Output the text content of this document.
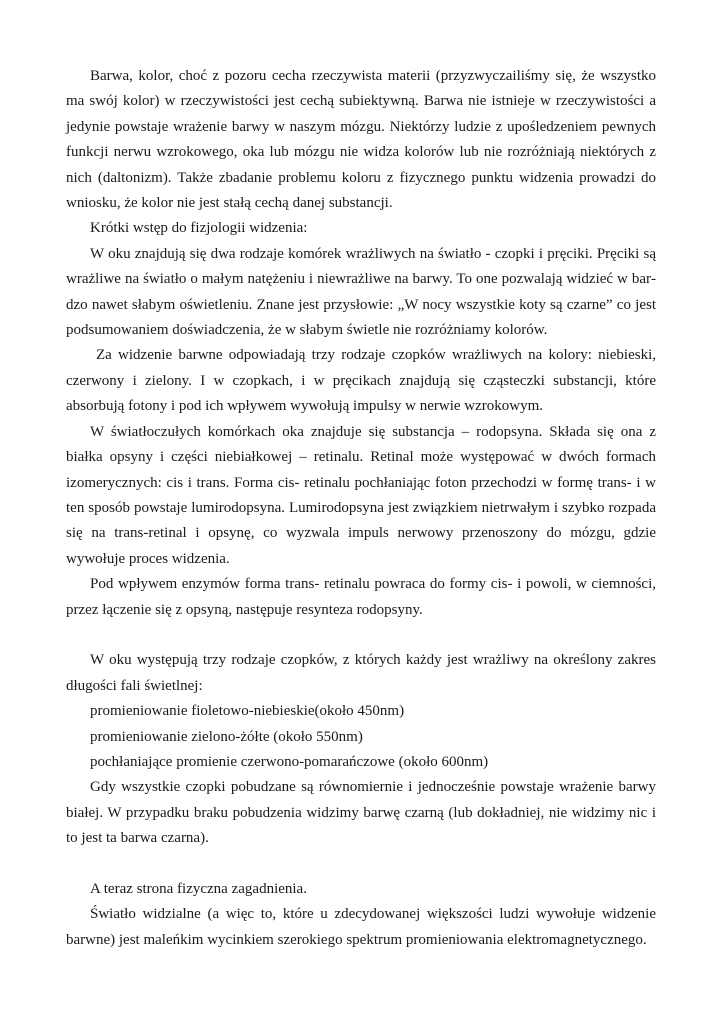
Barwa, kolor, choć z pozoru cecha rzeczywista materii (przyzwyczailiśmy się, że wszystko ma swój kolor) w rzeczywistości jest cechą subiektywną. Barwa nie istnieje w rzeczywistości a jedynie powstaje wrażenie barwy w naszym mózgu. Niektórzy ludzie z upośledzeniem pewnych funkcji nerwu wzrokowego, oka lub mózgu nie widza kolorów lub nie rozróżniają niektórych z nich (daltonizm). Także zbadanie problemu koloru z fizycznego punktu widzenia prowadzi do wniosku, że kolor nie jest stałą cechą danej substancji.

Krótki wstęp do fizjologii widzenia:

W oku znajdują się dwa rodzaje komórek wrażliwych na światło - czopki i pręciki. Pręciki są wrażliwe na światło o małym natężeniu i niewrażliwe na barwy. To one pozwalają widzieć w bardzo nawet słabym oświetleniu. Znane jest przysłowie: „W nocy wszystkie koty są czarne” co jest podsumowaniem doświadczenia, że w słabym świetle nie rozróżniamy kolorów.

Za widzenie barwne odpowiadają trzy rodzaje czopków wrażliwych na kolory: niebieski, czerwony i zielony. I w czopkach, i w pręcikach znajdują się cząsteczki substancji, które absorbują fotony i pod ich wpływem wywołują impulsy w nerwie wzrokowym.

W światłoczułych komórkach oka znajduje się substancja – rodopsyna. Składa się ona z białka opsyny i części niebiałkowej – retinalu. Retinal może występować w dwóch formach izomerycznych: cis i trans. Forma cis- retinalu pochłaniając foton przechodzi w formę trans- i w ten sposób powstaje lumirodopsyna. Lumirodopsyna jest związkiem nietrwałym i szybko rozpada się na trans-retinal i opsynę, co wyzwala impuls nerwowy przenoszony do mózgu, gdzie wywołuje proces widzenia.

Pod wpływem enzymów forma trans- retinalu powraca do formy cis- i powoli, w ciemności, przez łączenie się z opsyną, następuje resynteza rodopsyny.

W oku występują trzy rodzaje czopków, z których każdy jest wrażliwy na określony zakres długości fali świetlnej:

promieniowanie fioletowo-niebieskie(około 450nm)

promieniowanie zielono-żółte (około 550nm)

pochłaniające promienie czerwono-pomarańczowe (około 600nm)

Gdy wszystkie czopki pobudzane są równomiernie i jednocześnie powstaje wrażenie barwy białej. W przypadku braku pobudzenia widzimy barwę czarną (lub dokładniej, nie widzimy nic i to jest ta barwa czarna).

A teraz strona fizyczna zagadnienia.

Światło widzialne (a więc to, które u zdecydowanej większości ludzi wywołuje widzenie barwne) jest maleńkim wycinkiem szerokiego spektrum promieniowania elektromagnetycznego.
